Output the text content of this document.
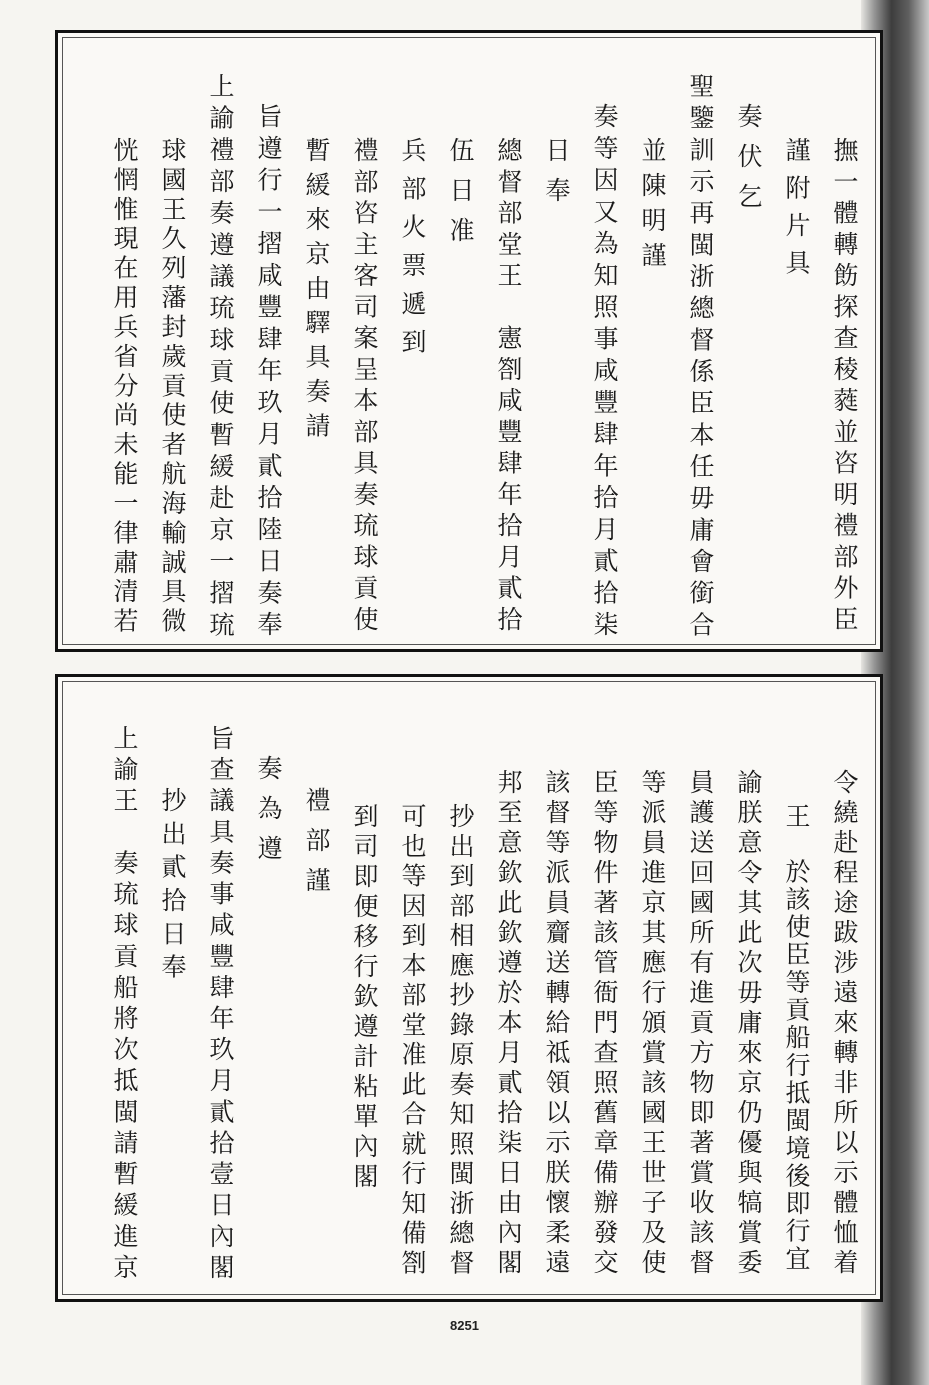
撫一體轉飭探查稜蕤並咨明禮部外臣
謹附片具
奏伏乞
聖鑒訓示再閩浙總督係臣本任毋庸會銜合
並陳明謹
奏等因又為知照事咸豐肆年拾月貳拾柒
日奉
總督部堂王　憲劄咸豐肆年拾月貳拾
伍日准
兵部火票遞到
禮部咨主客司案呈本部具奏琉球貢使
暫緩來京由驛具奏請
旨遵行一摺咸豐肆年玖月貳拾陸日奏奉
上諭禮部奏遵議琉球貢使暫緩赴京一摺琉
球國王久列藩封歲貢使者航海輸誠具微
恍惘惟現在用兵省分尚未能一律肅清若
令繞赴程途跋涉遠來轉非所以示體恤着
王　於該使臣等貢船行抵閩境後即行宜
諭朕意令其此次毋庸來京仍優與犒賞委
員護送回國所有進貢方物即著賞收該督
等派員進京其應行頒賞該國王世子及使
臣等物件著該管衙門查照舊章備辦發交
該督等派員齎送轉給祗領以示朕懷柔遠
邦至意欽此欽遵於本月貳拾柒日由內閣
抄出到部相應抄錄原奏知照閩浙總督
可也等因到本部堂准此合就行知備劄
到司即便移行欽遵計粘單內閣
禮部謹
奏為遵
旨查議具奏事咸豐肆年玖月貳拾壹日內閣
抄出貳拾日奉
上諭王　奏琉球貢船將次抵閩請暫緩進京
8251
